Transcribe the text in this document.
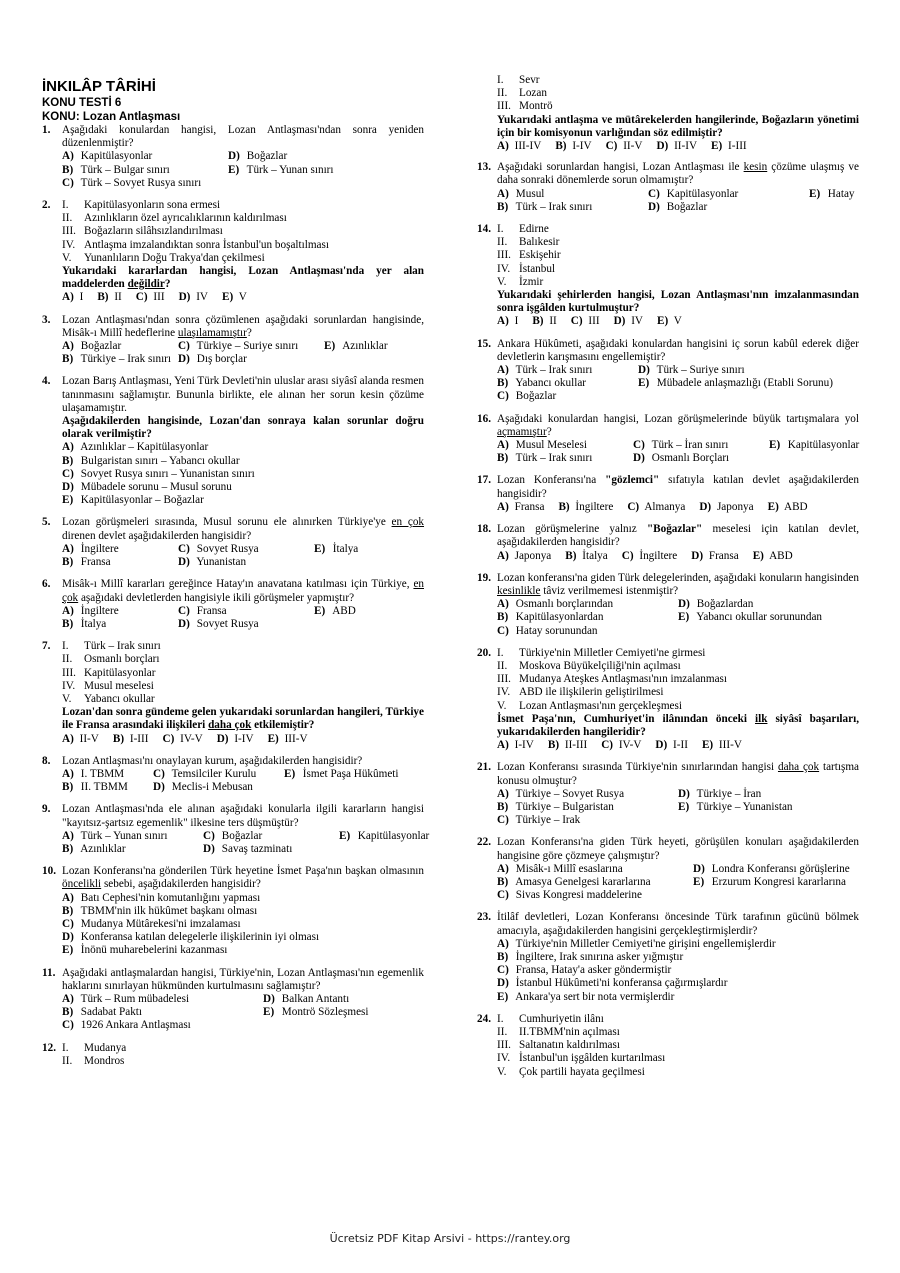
İNKILÂP TÂRİHİ
KONU TESTİ 6
KONU: Lozan Antlaşması
1. Aşağıdaki konulardan hangisi, Lozan Antlaşması'ndan sonra yeniden düzenlenmiştir?
A) Kapitülasyonlar	D) Boğazlar
B) Türk – Bulgar sınırı	E) Türk – Yunan sınırı
C) Türk – Sovyet Rusya sınırı
2. I. Kapitülasyonların sona ermesi
II. Azınlıkların özel ayrıcalıklarının kaldırılması
III. Boğazların silâhsızlandırılması
IV. Antlaşma imzalandıktan sonra İstanbul'un boşaltılması
V. Yunanlıların Doğu Trakya'dan çekilmesi
Yukarıdaki kararlardan hangisi, Lozan Antlaşması'nda yer alan maddelerden değildir?
A) I B) II C) III D) IV E) V
3. Lozan Antlaşması'ndan sonra çözümlenen aşağıdaki sorunlardan hangisinde, Misâk-ı Millî hedeflerine ulaşılamamıştır?
A) Boğazlar	C) Türkiye – Suriye sınırı	E) Azınlıklar
B) Türkiye – Irak sınırı D) Dış borçlar
4. Lozan Barış Antlaşması, Yeni Türk Devleti'nin uluslar arası siyâsî alanda resmen tanınmasını sağlamıştır. Bununla birlikte, ele alınan her sorun kesin çözüme ulaşamamıştır.
Aşağıdakilerden hangisinde, Lozan'dan sonraya kalan sorunlar doğru olarak verilmiştir?
A) Azınlıklar – Kapitülasyonlar
B) Bulgaristan sınırı – Yabancı okullar
C) Sovyet Rusya sınırı – Yunanistan sınırı
D) Mübadele sorunu – Musul sorunu
E) Kapitülasyonlar – Boğazlar
5. Lozan görüşmeleri sırasında, Musul sorunu ele alınırken Türkiye'ye en çok direnen devlet aşağıdakilerden hangisidir?
A) İngiltere	C) Sovyet Rusya	E) İtalya
B) Fransa	D) Yunanistan
6. Misâk-ı Millî kararları gereğince Hatay'ın anavatana katılması için Türkiye, en çok aşağıdaki devletlerden hangisiyle ikili görüşmeler yapmıştır?
A) İngiltere	C) Fransa	E) ABD
B) İtalya	D) Sovyet Rusya
7. I. Türk – Irak sınırı
II. Osmanlı borçları
III. Kapitülasyonlar
IV. Musul meselesi
V. Yabancı okullar
Lozan'dan sonra gündeme gelen yukarıdaki sorunlardan hangileri, Türkiye ile Fransa arasındaki ilişkileri daha çok etkilemiştir?
A) II-V B) I-III C) IV-V D) I-IV E) III-V
8. Lozan Antlaşması'nı onaylayan kurum, aşağıdakilerden hangisidir?
A) I. TBMM	C) Temsilciler Kurulu	E) İsmet Paşa Hükûmeti
B) II. TBMM	D) Meclis-i Mebusan
9. Lozan Antlaşması'nda ele alınan aşağıdaki konularla ilgili kararların hangisi "kayıtsız-şartsız egemenlik" ilkesine ters düşmüştür?
A) Türk – Yunan sınırı	C) Boğazlar	E) Kapitülasyonlar
B) Azınlıklar	D) Savaş tazminatı
10. Lozan Konferansı'na gönderilen Türk heyetine İsmet Paşa'nın başkan olmasının öncelikli sebebi, aşağıdakilerden hangisidir?
A) Batı Cephesi'nin komutanlığını yapması
B) TBMM'nin ilk hükûmet başkanı olması
C) Mudanya Mütârekesi'ni imzalaması
D) Konferansa katılan delegelerle ilişkilerinin iyi olması
E) İnönü muharebelerini kazanması
11. Aşağıdaki antlaşmalardan hangisi, Türkiye'nin, Lozan Antlaşması'nın egemenlik haklarını sınırlayan hükmünden kurtulmasını sağlamıştır?
A) Türk – Rum mübadelesi	D) Balkan Antantı
B) Sadabat Paktı	E) Montrö Sözleşmesi
C) 1926 Ankara Antlaşması
12. I. Mudanya
II. Mondros
I. Sevr
II. Lozan
III. Montrö
Yukarıdaki antlaşma ve mütârekelerden hangilerinde, Boğazların yönetimi için bir komisyonun varlığından söz edilmiştir?
A) III-IV B) I-IV C) II-V D) II-IV E) I-III
13. Aşağıdaki sorunlardan hangisi, Lozan Antlaşması ile kesin çözüme ulaşmış ve daha sonraki dönemlerde sorun olmamıştır?
A) Musul	C) Kapitülasyonlar	E) Hatay
B) Türk – Irak sınırı	D) Boğazlar
14. I. Edirne
II. Balıkesir
III. Eskişehir
IV. İstanbul
V. İzmir
Yukarıdaki şehirlerden hangisi, Lozan Antlaşması'nın imzalanmasından sonra işgâlden kurtulmuştur?
A) I B) II C) III D) IV E) V
15. Ankara Hükûmeti, aşağıdaki konulardan hangisini iç sorun kabûl ederek diğer devletlerin karışmasını engellemiştir?
A) Türk – Irak sınırı	D) Türk – Suriye sınırı
B) Yabancı okullar	E) Mübadele anlaşmazlığı (Etabli Sorunu)
C) Boğazlar
16. Aşağıdaki konulardan hangisi, Lozan görüşmelerinde büyük tartışmalara yol açmamıştır?
A) Musul Meselesi	C) Türk – İran sınırı	E) Kapitülasyonlar
B) Türk – Irak sınırı	D) Osmanlı Borçları
17. Lozan Konferansı'na "gözlemci" sıfatıyla katılan devlet aşağıdakilerden hangisidir?
A) Fransa B) İngiltere C) Almanya D) Japonya E) ABD
18. Lozan görüşmelerine yalnız "Boğazlar" meselesi için katılan devlet, aşağıdakilerden hangisidir?
A) Japonya B) İtalya C) İngiltere D) Fransa E) ABD
19. Lozan konferansı'na giden Türk delegelerinden, aşağıdaki konuların hangisinden kesinlikle tâviz verilmemesi istenmiştir?
A) Osmanlı borçlarından	D) Boğazlardan
B) Kapitülasyonlardan	E) Yabancı okullar sorunundan
C) Hatay sorunundan
20. I. Türkiye'nin Milletler Cemiyeti'ne girmesi
II. Moskova Büyükelçiliği'nin açılması
III. Mudanya Ateşkes Antlaşması'nın imzalanması
IV. ABD ile ilişkilerin geliştirilmesi
V. Lozan Antlaşması'nın gerçekleşmesi
İsmet Paşa'nın, Cumhuriyet'in ilânından önceki ilk siyâsî başarıları, yukarıdakilerden hangileridir?
A) I-IV B) II-III C) IV-V D) I-II E) III-V
21. Lozan Konferansı sırasında Türkiye'nin sınırlarından hangisi daha çok tartışma konusu olmuştur?
A) Türkiye – Sovyet Rusya	D) Türkiye – İran
B) Türkiye – Bulgaristan	E) Türkiye – Yunanistan
C) Türkiye – Irak
22. Lozan Konferansı'na giden Türk heyeti, görüşülen konuları aşağıdakilerden hangisine göre çözmeye çalışmıştır?
A) Misâk-ı Millî esaslarına	D) Londra Konferansı görüşlerine
B) Amasya Genelgesi kararlarına	E) Erzurum Kongresi kararlarına
C) Sivas Kongresi maddelerine
23. İtilâf devletleri, Lozan Konferansı öncesinde Türk tarafının gücünü bölmek amacıyla, aşağıdakilerden hangisini gerçekleştirmişlerdir?
A) Türkiye'nin Milletler Cemiyeti'ne girişini engellemişlerdir
B) İngiltere, Irak sınırına asker yığmıştır
C) Fransa, Hatay'a asker göndermiştir
D) İstanbul Hükûmeti'ni konferansa çağırmışlardır
E) Ankara'ya sert bir nota vermişlerdir
24. I. Cumhuriyetin ilânı
II. II.TBMM'nin açılması
III. Saltanatın kaldırılması
IV. İstanbul'un işgâlden kurtarılması
V. Çok partili hayata geçilmesi
Ücretsiz PDF Kitap Arsivi - https://rantey.org
